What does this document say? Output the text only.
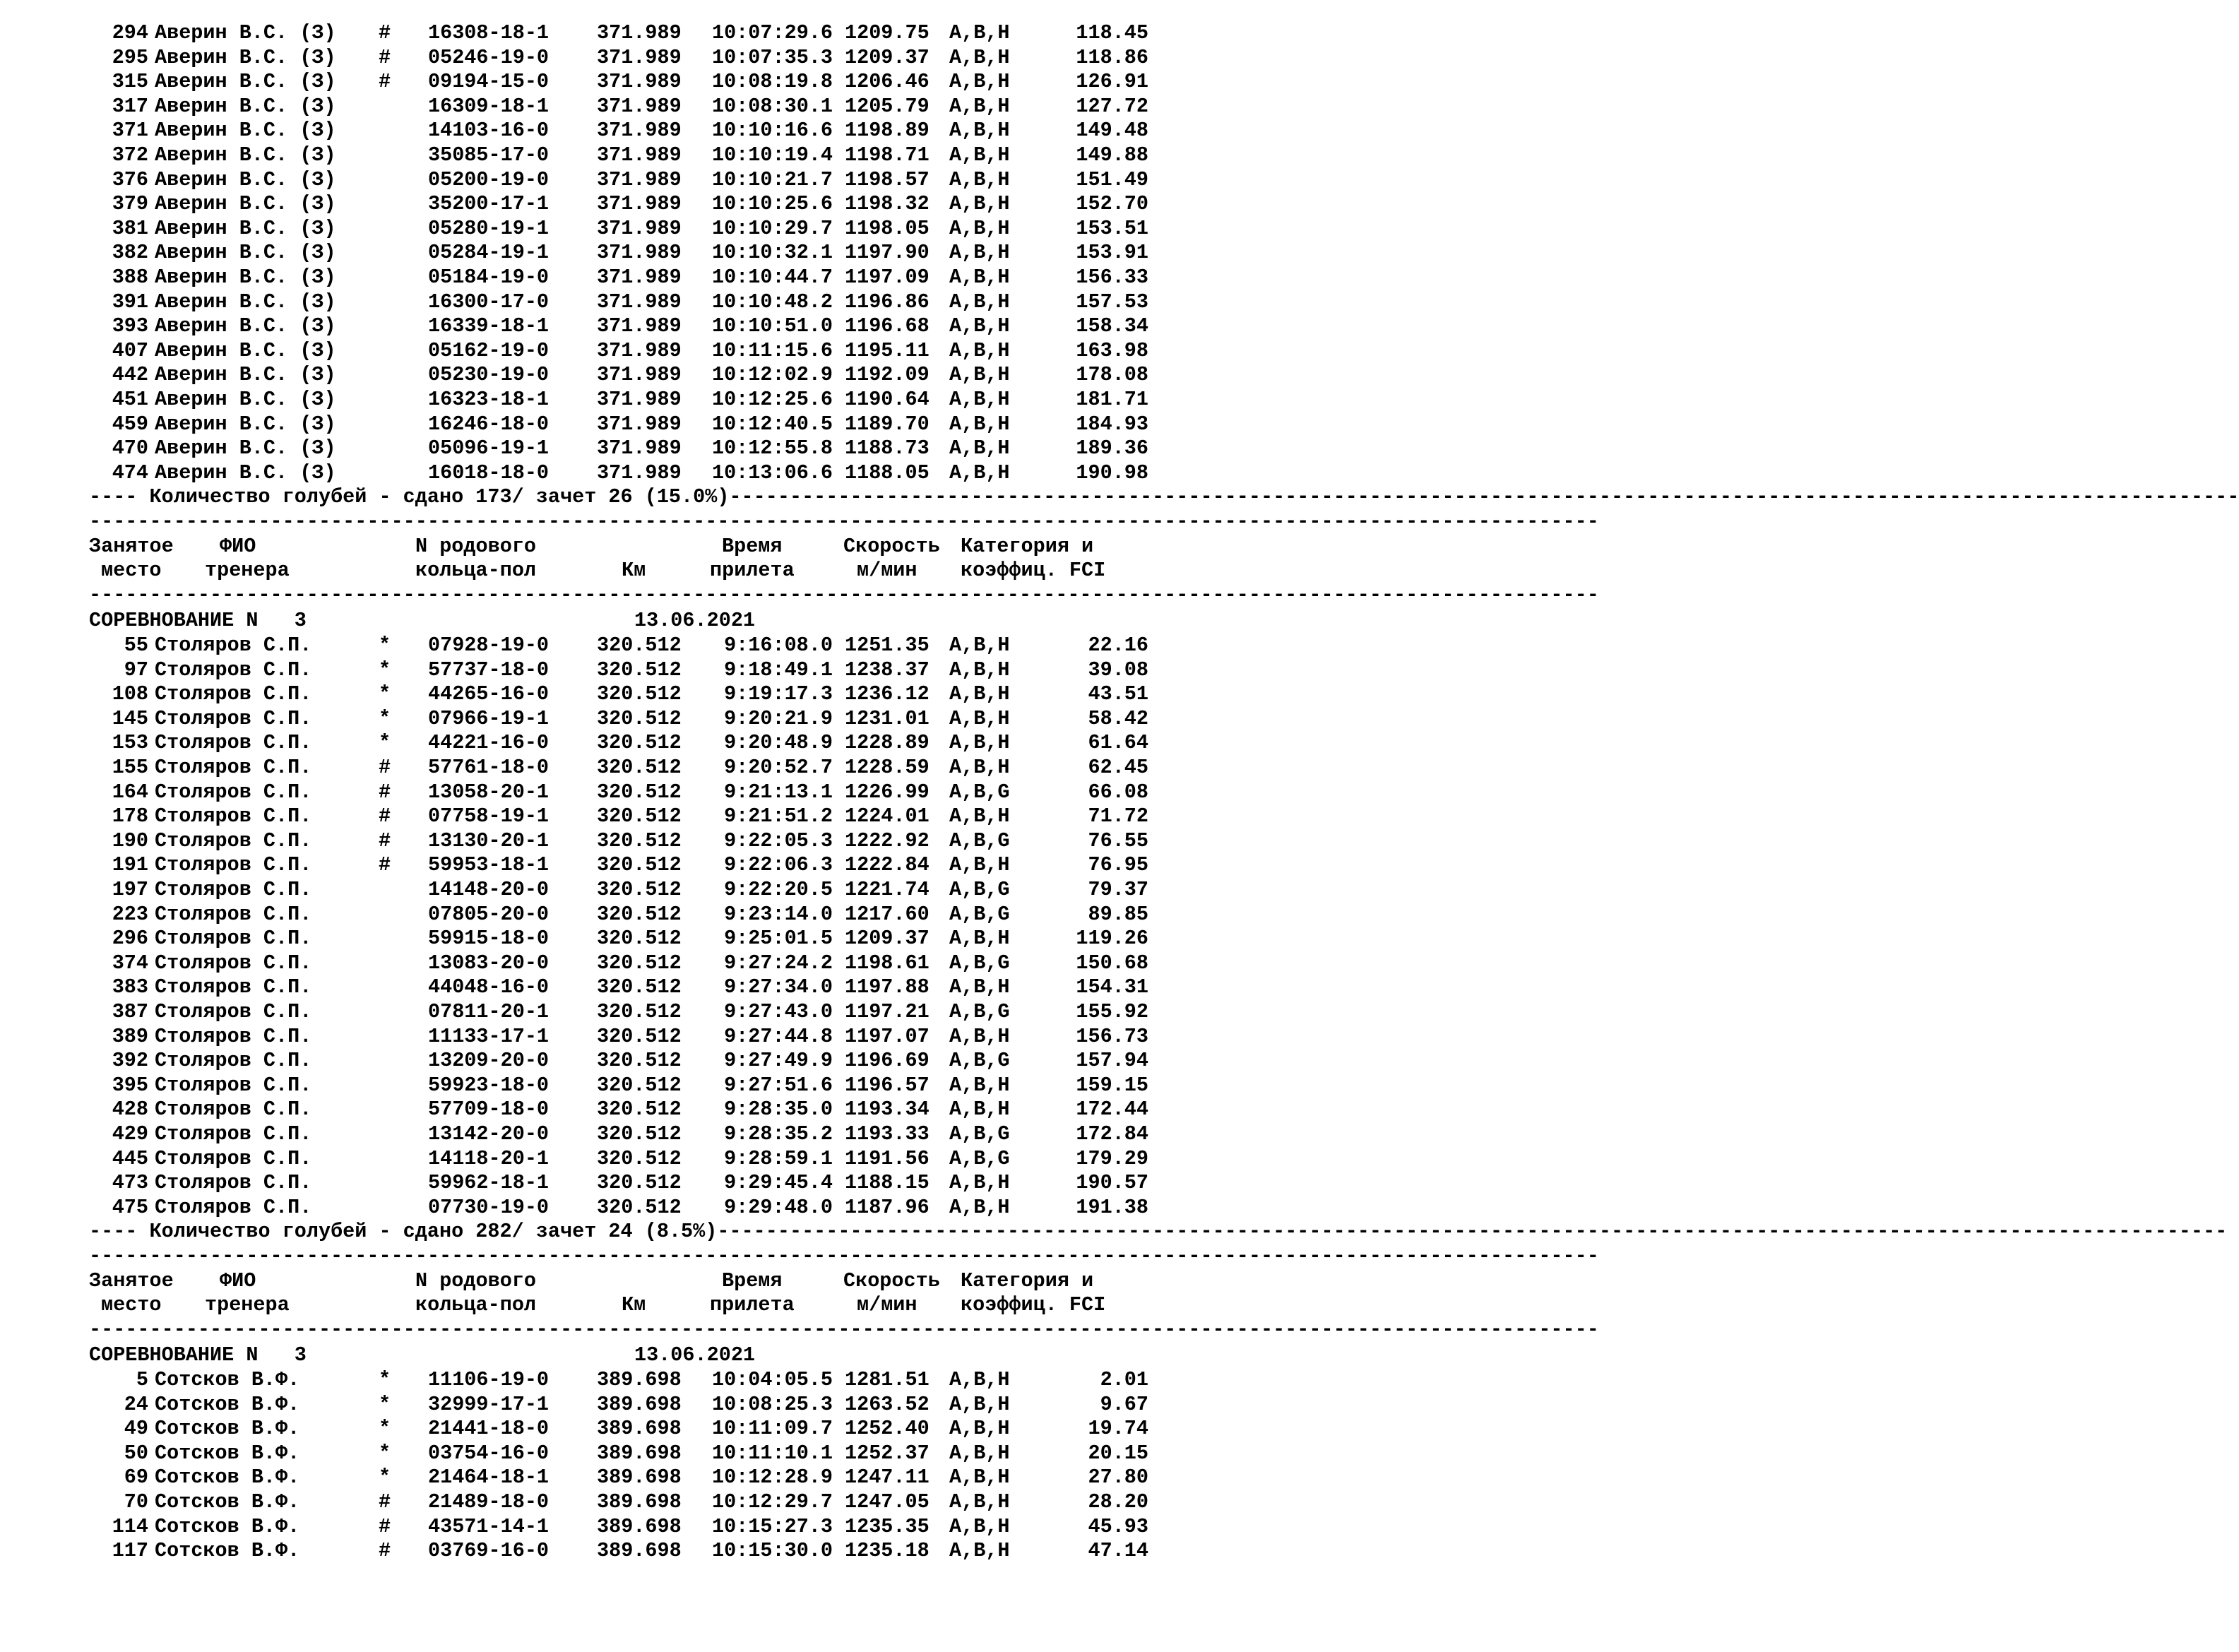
294 Аверин В.С. (З) # 16308-18-1 371.989	10:07:29.6 1209.75 A,B,H	118.45
295 Аверин В.С. (З) # 05246-19-0 371.989	10:07:35.3 1209.37 A,B,H	118.86
315 Аверин В.С. (З) # 09194-15-0 371.989	10:08:19.8 1206.46 A,B,H	126.91
317 Аверин В.С. (З)	16309-18-1 371.989	10:08:30.1 1205.79 A,B,H	127.72
371 Аверин В.С. (З)	14103-16-0 371.989	10:10:16.6 1198.89 A,B,H	149.48
372 Аверин В.С. (З)	35085-17-0 371.989	10:10:19.4 1198.71 A,B,H	149.88
376 Аверин В.С. (З)	05200-19-0 371.989	10:10:21.7 1198.57 A,B,H	151.49
379 Аверин В.С. (З)	35200-17-1 371.989	10:10:25.6 1198.32 A,B,H	152.70
381 Аверин В.С. (З)	05280-19-1 371.989	10:10:29.7 1198.05 A,B,H	153.51
382 Аверин В.С. (З)	05284-19-1 371.989	10:10:32.1 1197.90 A,B,H	153.91
388 Аверин В.С. (З)	05184-19-0 371.989	10:10:44.7 1197.09 A,B,H	156.33
391 Аверин В.С. (З)	16300-17-0 371.989	10:10:48.2 1196.86 A,B,H	157.53
393 Аверин В.С. (З)	16339-18-1 371.989	10:10:51.0 1196.68 A,B,H	158.34
407 Аверин В.С. (З)	05162-19-0 371.989	10:11:15.6 1195.11 A,B,H	163.98
442 Аверин В.С. (З)	05230-19-0 371.989	10:12:02.9 1192.09 A,B,H	178.08
451 Аверин В.С. (З)	16323-18-1 371.989	10:12:25.6 1190.64 A,B,H	181.71
459 Аверин В.С. (З)	16246-18-0 371.989	10:12:40.5 1189.70 A,B,H	184.93
470 Аверин В.С. (З)	05096-19-1 371.989	10:12:55.8 1188.73 A,B,H	189.36
474 Аверин В.С. (З)	16018-18-0 371.989	10:13:06.6 1188.05 A,B,H	190.98
---- Количество голубей - сдано 173/ зачет 26 (15.0%)-----------------------------------------------------------------------------------------------------------------------------
-----------------------------------------------------------------------------------------------------------------------------
Занятое ФИО	N родового	Время	Скорость Категория и
место тренера	кольца-пол	Км	прилета	м/мин коэффиц. FCI
-----------------------------------------------------------------------------------------------------------------------------
СОРЕВНОВАНИЕ N   3	13.06.2021
55 Столяров С.П.	* 07928-19-0 320.512	9:16:08.0 1251.35 A,B,H	22.16
97 Столяров С.П.	* 57737-18-0 320.512	9:18:49.1 1238.37 A,B,H	39.08
108 Столяров С.П.	* 44265-16-0 320.512	9:19:17.3 1236.12 A,B,H	43.51
145 Столяров С.П.	* 07966-19-1 320.512	9:20:21.9 1231.01 A,B,H	58.42
153 Столяров С.П.	* 44221-16-0 320.512	9:20:48.9 1228.89 A,B,H	61.64
155 Столяров С.П.	# 57761-18-0 320.512	9:20:52.7 1228.59 A,B,H	62.45
164 Столяров С.П.	# 13058-20-1 320.512	9:21:13.1 1226.99 A,B,G	66.08
178 Столяров С.П.	# 07758-19-1 320.512	9:21:51.2 1224.01 A,B,H	71.72
190 Столяров С.П.	# 13130-20-1 320.512	9:22:05.3 1222.92 A,B,G	76.55
191 Столяров С.П.	# 59953-18-1 320.512	9:22:06.3 1222.84 A,B,H	76.95
197 Столяров С.П.	14148-20-0 320.512	9:22:20.5 1221.74 A,B,G	79.37
223 Столяров С.П.	07805-20-0 320.512	9:23:14.0 1217.60 A,B,G	89.85
296 Столяров С.П.	59915-18-0 320.512	9:25:01.5 1209.37 A,B,H	119.26
374 Столяров С.П.	13083-20-0 320.512	9:27:24.2 1198.61 A,B,G	150.68
383 Столяров С.П.	44048-16-0 320.512	9:27:34.0 1197.88 A,B,H	154.31
387 Столяров С.П.	07811-20-1 320.512	9:27:43.0 1197.21 A,B,G	155.92
389 Столяров С.П.	11133-17-1 320.512	9:27:44.8 1197.07 A,B,H	156.73
392 Столяров С.П.	13209-20-0 320.512	9:27:49.9 1196.69 A,B,G	157.94
395 Столяров С.П.	59923-18-0 320.512	9:27:51.6 1196.57 A,B,H	159.15
428 Столяров С.П.	57709-18-0 320.512	9:28:35.0 1193.34 A,B,H	172.44
429 Столяров С.П.	13142-20-0 320.512	9:28:35.2 1193.33 A,B,G	172.84
445 Столяров С.П.	14118-20-1 320.512	9:28:59.1 1191.56 A,B,G	179.29
473 Столяров С.П.	59962-18-1 320.512	9:29:45.4 1188.15 A,B,H	190.57
475 Столяров С.П.	07730-19-0 320.512	9:29:48.0 1187.96 A,B,H	191.38
---- Количество голубей - сдано 282/ зачет 24 (8.5%)-----------------------------------------------------------------------------------------------------------------------------
-----------------------------------------------------------------------------------------------------------------------------
Занятое ФИО	N родового	Время	Скорость Категория и
место тренера	кольца-пол	Км	прилета	м/мин коэффиц. FCI
-----------------------------------------------------------------------------------------------------------------------------
СОРЕВНОВАНИЕ N   3	13.06.2021
5 Сотсков В.Ф.	* 11106-19-0 389.698	10:04:05.5 1281.51 A,B,H	2.01
24 Сотсков В.Ф.	* 32999-17-1 389.698	10:08:25.3 1263.52 A,B,H	9.67
49 Сотсков В.Ф.	* 21441-18-0 389.698	10:11:09.7 1252.40 A,B,H	19.74
50 Сотсков В.Ф.	* 03754-16-0 389.698	10:11:10.1 1252.37 A,B,H	20.15
69 Сотсков В.Ф.	* 21464-18-1 389.698	10:12:28.9 1247.11 A,B,H	27.80
70 Сотсков В.Ф.	# 21489-18-0 389.698	10:12:29.7 1247.05 A,B,H	28.20
114 Сотсков В.Ф.	# 43571-14-1 389.698	10:15:27.3 1235.35 A,B,H	45.93
117 Сотсков В.Ф.	# 03769-16-0 389.698	10:15:30.0 1235.18 A,B,H	47.14
